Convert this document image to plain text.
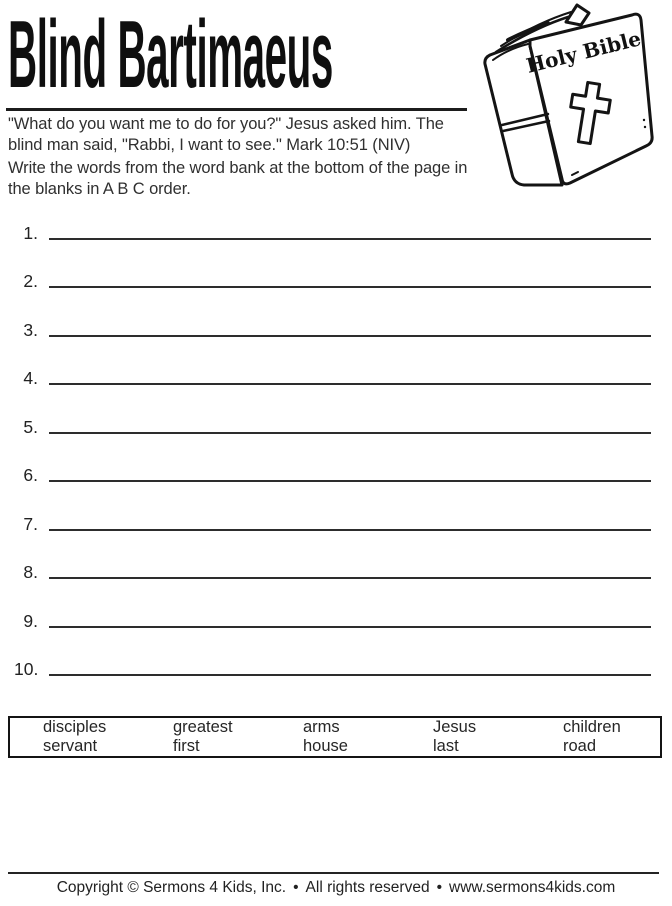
Blind Bartimaeus
"What do you want me to do for you?" Jesus asked him. The blind man said, "Rabbi, I want to see." Mark 10:51 (NIV)
Write the words from the word bank at the bottom of the page in the blanks in A B C order.
Holy Bible
1.
2.
3.
4.
5.
6.
7.
8.
9.
10.
disciples	greatest	arms	Jesus	children
servant	first	house	last	road
Copyright © Sermons 4 Kids, Inc. • All rights reserved • www.sermons4kids.com
